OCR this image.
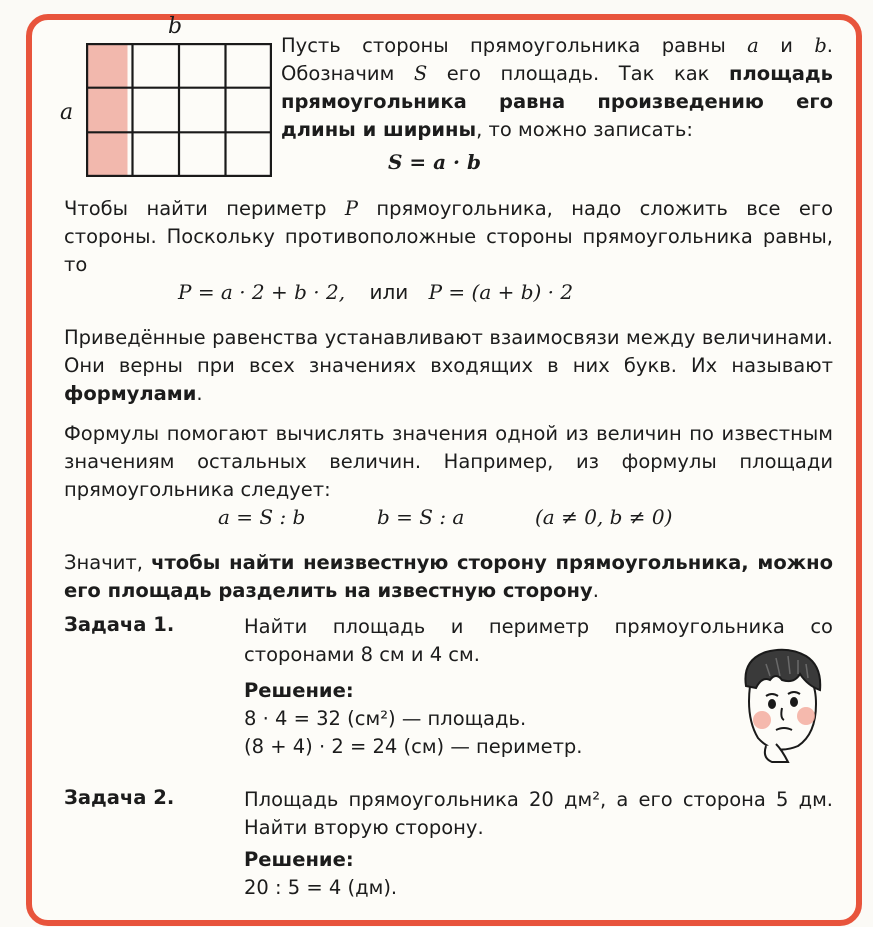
b
a

Пусть стороны прямоугольника равны a и b. Обозначим S его площадь. Так как площадь прямоугольника равна произведению его длины и ширины, то можно записать:

S = a · b

Чтобы найти периметр P прямоугольника, надо сложить все его стороны. Поскольку противоположные стороны прямоугольника равны, то

P = a · 2 + b · 2, или P = (a + b) · 2

Приведённые равенства устанавливают взаимосвязи между величинами. Они верны при всех значениях входящих в них букв. Их называют формулами.

Формулы помогают вычислять значения одной из величин по известным значениям остальных величин. Например, из формулы площади прямоугольника следует:

a = S : b	b = S : a	(a ≠ 0, b ≠ 0)

Значит, чтобы найти неизвестную сторону прямоугольника, можно его площадь разделить на известную сторону.

Задача 1.	Найти площадь и периметр прямоугольника со сторонами 8 см и 4 см.

Решение:
8 · 4 = 32 (см²) — площадь.
(8 + 4) · 2 = 24 (см) — периметр.
Задача 2.	Площадь прямоугольника 20 дм², а его сторона 5 дм. Найти вторую сторону.

Решение:
20 : 5 = 4 (дм).
